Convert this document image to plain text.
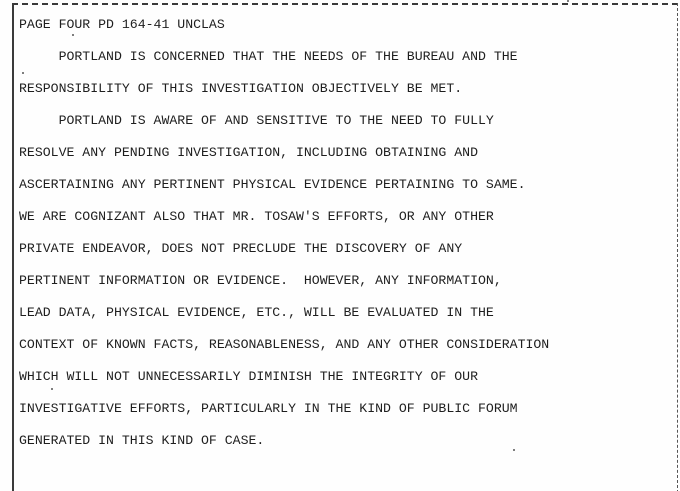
PAGE FOUR PD 164-41 UNCLAS
PORTLAND IS CONCERNED THAT THE NEEDS OF THE BUREAU AND THE
RESPONSIBILITY OF THIS INVESTIGATION OBJECTIVELY BE MET.
PORTLAND IS AWARE OF AND SENSITIVE TO THE NEED TO FULLY
RESOLVE ANY PENDING INVESTIGATION, INCLUDING OBTAINING AND
ASCERTAINING ANY PERTINENT PHYSICAL EVIDENCE PERTAINING TO SAME.
WE ARE COGNIZANT ALSO THAT MR. TOSAW'S EFFORTS, OR ANY OTHER
PRIVATE ENDEAVOR, DOES NOT PRECLUDE THE DISCOVERY OF ANY
PERTINENT INFORMATION OR EVIDENCE.  HOWEVER, ANY INFORMATION,
LEAD DATA, PHYSICAL EVIDENCE, ETC., WILL BE EVALUATED IN THE
CONTEXT OF KNOWN FACTS, REASONABLENESS, AND ANY OTHER CONSIDERATION
WHICH WILL NOT UNNECESSARILY DIMINISH THE INTEGRITY OF OUR
INVESTIGATIVE EFFORTS, PARTICULARLY IN THE KIND OF PUBLIC FORUM
GENERATED IN THIS KIND OF CASE.
